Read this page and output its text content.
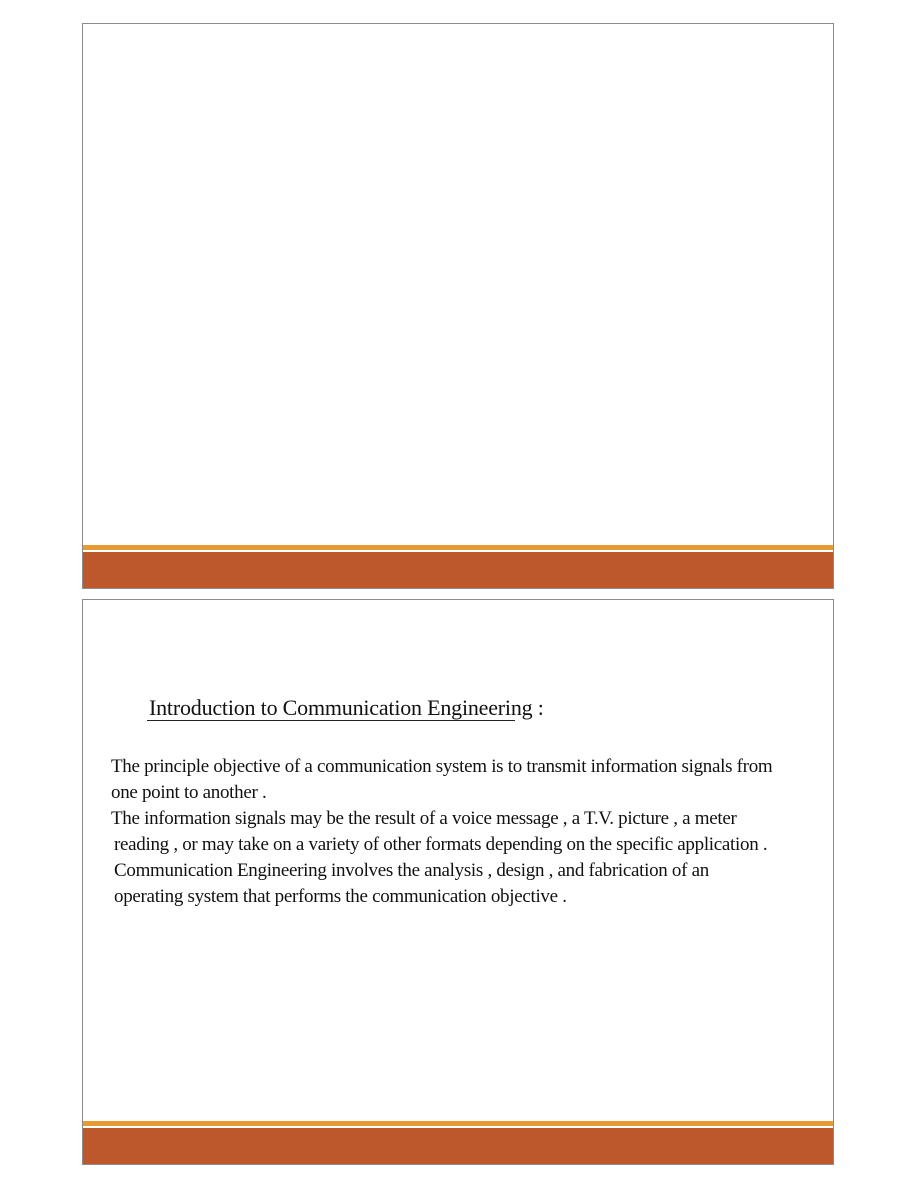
Introduction to Communication Engineering :
The principle objective of a communication system is to transmit information signals from
one point to another .
The information signals may be the result of a voice message , a T.V. picture , a meter
reading , or may take on a variety of other formats depending on the specific application .
Communication Engineering involves the analysis , design , and fabrication of an
operating system that performs the communication objective .
